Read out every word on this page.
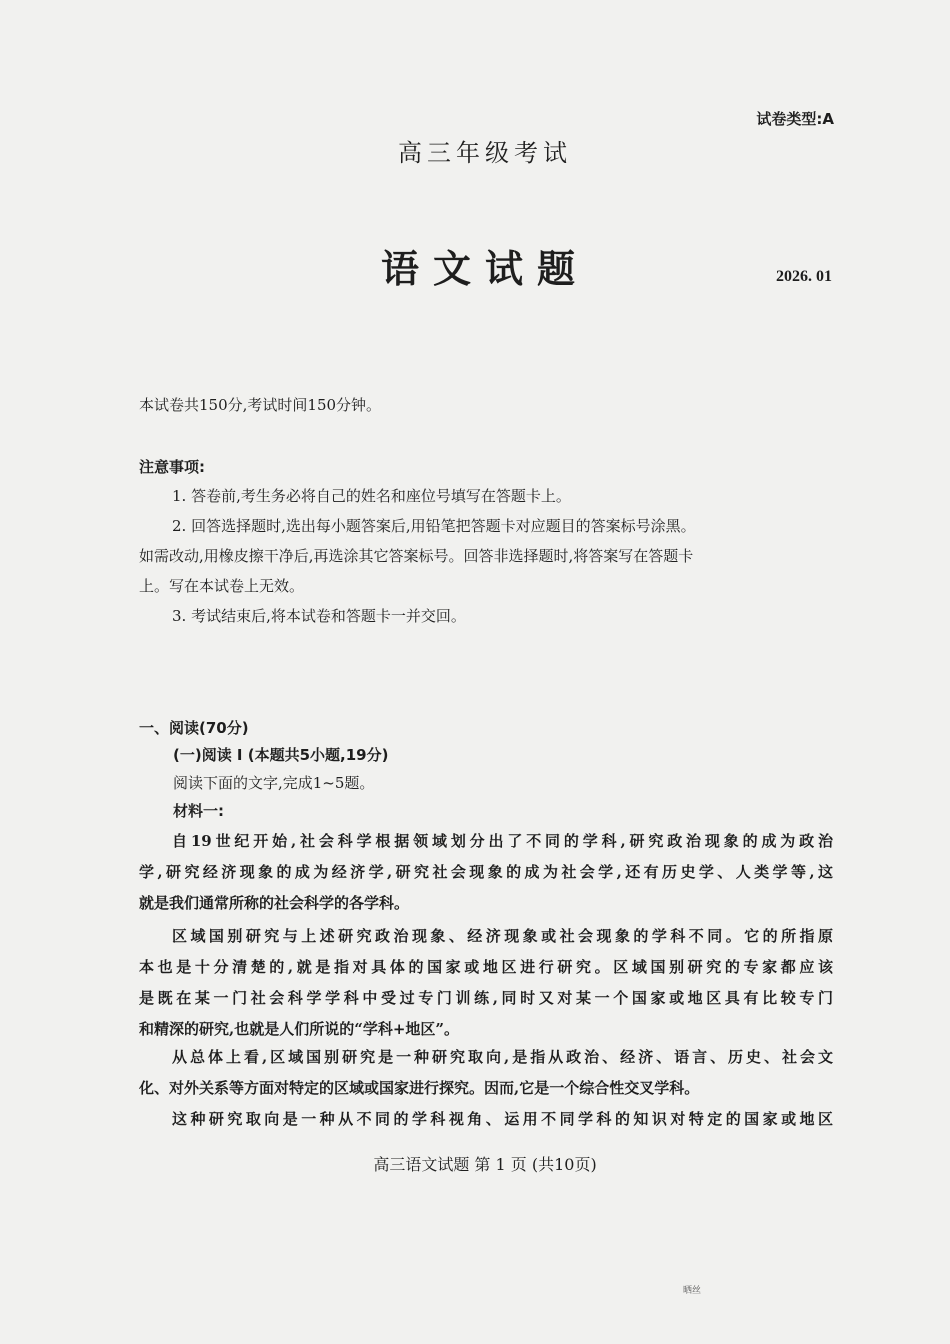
试卷类型:A
高三年级考试
语文试题	2026. 01
本试卷共150分,考试时间150分钟。
注意事项:
1. 答卷前,考生务必将自己的姓名和座位号填写在答题卡上。
2. 回答选择题时,选出每小题答案后,用铅笔把答题卡对应题目的答案标号涂黑。
如需改动,用橡皮擦干净后,再选涂其它答案标号。回答非选择题时,将答案写在答题卡
上。写在本试卷上无效。
3. 考试结束后,将本试卷和答题卡一并交回。
一、阅读(70分)
(一)阅读 I (本题共5小题,19分)
阅读下面的文字,完成1~5题。
材料一:
自19世纪开始,社会科学根据领域划分出了不同的学科,研究政治现象的成为政治
学,研究经济现象的成为经济学,研究社会现象的成为社会学,还有历史学、人类学等,这
就是我们通常所称的社会科学的各学科。
区域国别研究与上述研究政治现象、经济现象或社会现象的学科不同。它的所指原
本也是十分清楚的,就是指对具体的国家或地区进行研究。区域国别研究的专家都应该
是既在某一门社会科学学科中受过专门训练,同时又对某一个国家或地区具有比较专门
和精深的研究,也就是人们所说的“学科+地区”。
从总体上看,区域国别研究是一种研究取向,是指从政治、经济、语言、历史、社会文
化、对外关系等方面对特定的区域或国家进行探究。因而,它是一个综合性交叉学科。
这种研究取向是一种从不同的学科视角、运用不同学科的知识对特定的国家或地区
高三语文试题 第 1 页 (共10页)
晒丝
